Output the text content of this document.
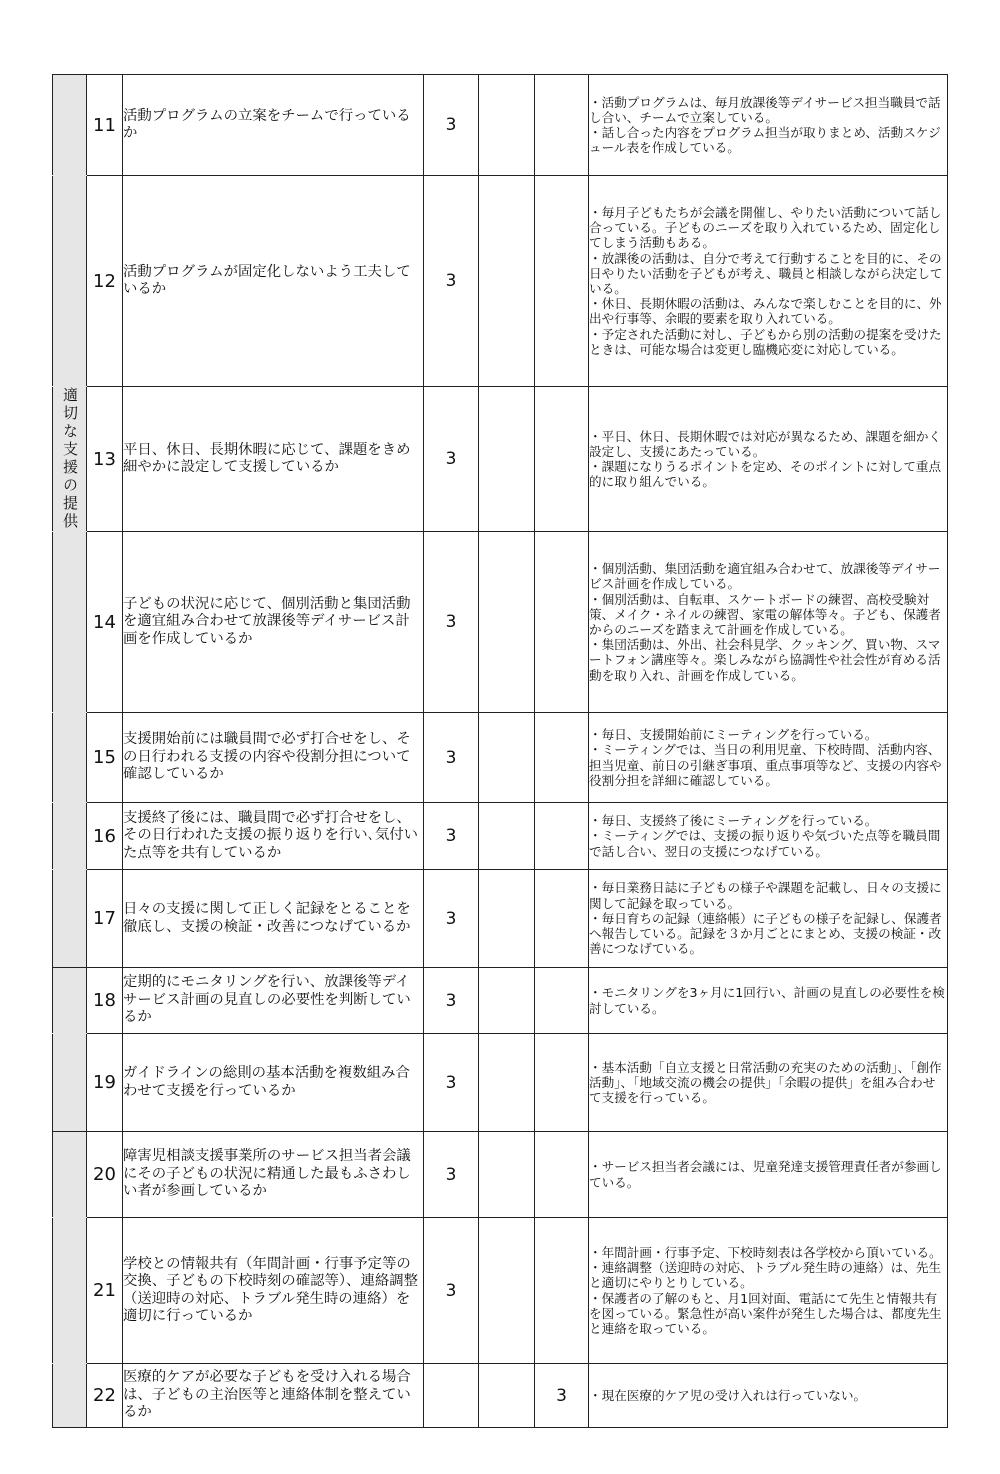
	11	活動プログラムの立案をチームで行っているか	3			・活動プログラムは、毎月放課後等デイサービス担当職員で話し合い、チームで立案している。
・話し合った内容をプログラム担当が取りまとめ、活動スケジュール表を作成している。
	12	活動プログラムが固定化しないよう工夫しているか	3			・毎月子どもたちが会議を開催し、やりたい活動について話し合っている。子どものニーズを取り入れているため、固定化してしまう活動もある。
・放課後の活動は、自分で考えて行動することを目的に、その日やりたい活動を子どもが考え、職員と相談しながら決定している。
・休日、長期休暇の活動は、みんなで楽しむことを目的に、外出や行事等、余暇的要素を取り入れている。
・予定された活動に対し、子どもから別の活動の提案を受けたときは、可能な場合は変更し臨機応変に対応している。

適切な支援の提供	13	平日、休日、長期休暇に応じて、課題をきめ細やかに設定して支援しているか	3			・平日、休日、長期休暇では対応が異なるため、課題を細かく設定し、支援にあたっている。
・課題になりうるポイントを定め、そのポイントに対して重点的に取り組んでいる。
	14	子どもの状況に応じて、個別活動と集団活動を適宜組み合わせて放課後等デイサービス計画を作成しているか	3			・個別活動、集団活動を適宜組み合わせて、放課後等デイサービス計画を作成している。
・個別活動は、自転車、スケートボードの練習、高校受験対策、メイク・ネイルの練習、家電の解体等々。子ども、保護者からのニーズを踏まえて計画を作成している。
・集団活動は、外出、社会科見学、クッキング、買い物、スマートフォン講座等々。楽しみながら協調性や社会性が育める活動を取り入れ、計画を作成している。
	15	支援開始前には職員間で必ず打合せをし、その日行われる支援の内容や役割分担について確認しているか	3			・毎日、支援開始前にミーティングを行っている。
・ミーティングでは、当日の利用児童、下校時間、活動内容、担当児童、前日の引継ぎ事項、重点事項等など、支援の内容や役割分担を詳細に確認している。
	16	支援終了後には、職員間で必ず打合せをし、その日行われた支援の振り返りを行い､気付いた点等を共有しているか	3			・毎日、支援終了後にミーティングを行っている。
・ミーティングでは、支援の振り返りや気づいた点等を職員間で話し合い、翌日の支援につなげている。
	17	日々の支援に関して正しく記録をとることを徹底し、支援の検証・改善につなげているか	3			・毎日業務日誌に子どもの様子や課題を記載し、日々の支援に関して記録を取っている。
・毎日育ちの記録（連絡帳）に子どもの様子を記録し、保護者へ報告している。記録を３か月ごとにまとめ、支援の検証・改善につなげている。

	18	定期的にモニタリングを行い、放課後等デイサービス計画の見直しの必要性を判断しているか	3			・モニタリングを3ヶ月に1回行い、計画の見直しの必要性を検討している。
	19	ガイドラインの総則の基本活動を複数組み合わせて支援を行っているか	3			・基本活動「自立支援と日常活動の充実のための活動」、「創作活動」、「地域交流の機会の提供」「余暇の提供」を組み合わせて支援を行っている。

	20	障害児相談支援事業所のサービス担当者会議にその子どもの状況に精通した最もふさわしい者が参画しているか	3			・サービス担当者会議には、児童発達支援管理責任者が参画している。
	21	学校との情報共有（年間計画・行事予定等の交換、子どもの下校時刻の確認等）、連絡調整（送迎時の対応、トラブル発生時の連絡）を適切に行っているか	3			・年間計画・行事予定、下校時刻表は各学校から頂いている。
・連絡調整（送迎時の対応、トラブル発生時の連絡）は、先生と適切にやりとりしている。
・保護者の了解のもと、月1回対面、電話にて先生と情報共有を図っている。緊急性が高い案件が発生した場合は、都度先生と連絡を取っている。
	22	医療的ケアが必要な子どもを受け入れる場合は、子どもの主治医等と連絡体制を整えているか			3	・現在医療的ケア児の受け入れは行っていない。
